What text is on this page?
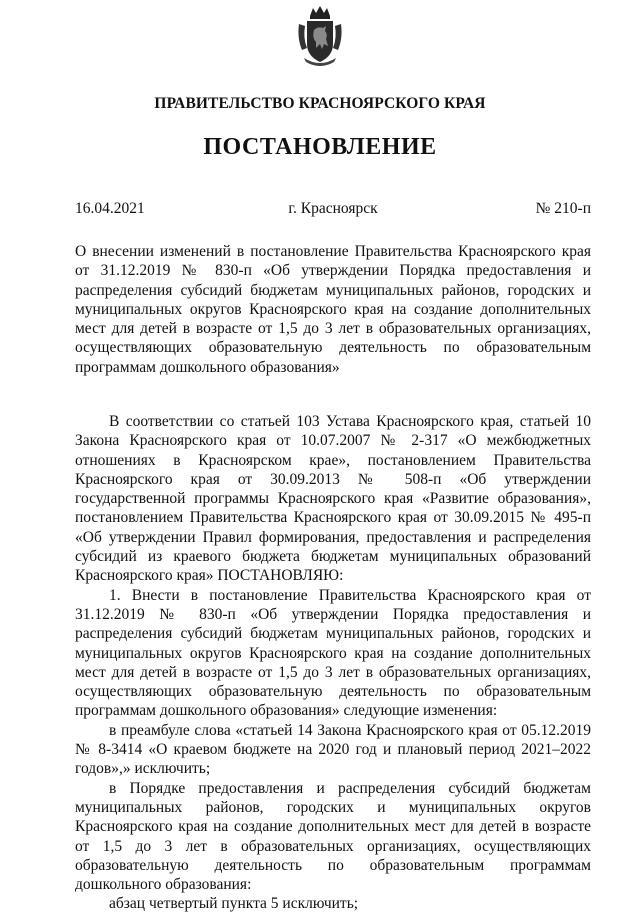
ПРАВИТЕЛЬСТВО КРАСНОЯРСКОГО КРАЯ
ПОСТАНОВЛЕНИЕ
г. Красноярск
16.04.2021	№ 210-п

О внесении изменений в постановление Правительства Красноярского края от 31.12.2019 № 830-п «Об утверждении Порядка предоставления и распределения субсидий бюджетам муниципальных районов, городских и муниципальных округов Красноярского края на создание дополнительных мест для детей в возрасте от 1,5 до 3 лет в образовательных организациях, осуществляющих образовательную деятельность по образовательным программам дошкольного образования»

В соответствии со статьей 103 Устава Красноярского края, статьей 10 Закона Красноярского края от 10.07.2007 № 2-317 «О межбюджетных отношениях в Красноярском крае», постановлением Правительства Красноярского края от 30.09.2013 № 508-п «Об утверждении государственной программы Красноярского края «Развитие образования», постановлением Правительства Красноярского края от 30.09.2015 № 495-п «Об утверждении Правил формирования, предоставления и распределения субсидий из краевого бюджета бюджетам муниципальных образований Красноярского края» ПОСТАНОВЛЯЮ:

1. Внести в постановление Правительства Красноярского края от 31.12.2019 № 830-п «Об утверждении Порядка предоставления и распределения субсидий бюджетам муниципальных районов, городских и муниципальных округов Красноярского края на создание дополнительных мест для детей в возрасте от 1,5 до 3 лет в образовательных организациях, осуществляющих образовательную деятельность по образовательным программам дошкольного образования» следующие изменения:

в преамбуле слова «статьей 14 Закона Красноярского края от 05.12.2019 № 8-3414 «О краевом бюджете на 2020 год и плановый период 2021–2022 годов»,» исключить;

в Порядке предоставления и распределения субсидий бюджетам муниципальных районов, городских и муниципальных округов Красноярского края на создание дополнительных мест для детей в возрасте от 1,5 до 3 лет в образовательных организациях, осуществляющих образовательную деятельность по образовательным программам дошкольного образования:

абзац четвертый пункта 5 исключить;
